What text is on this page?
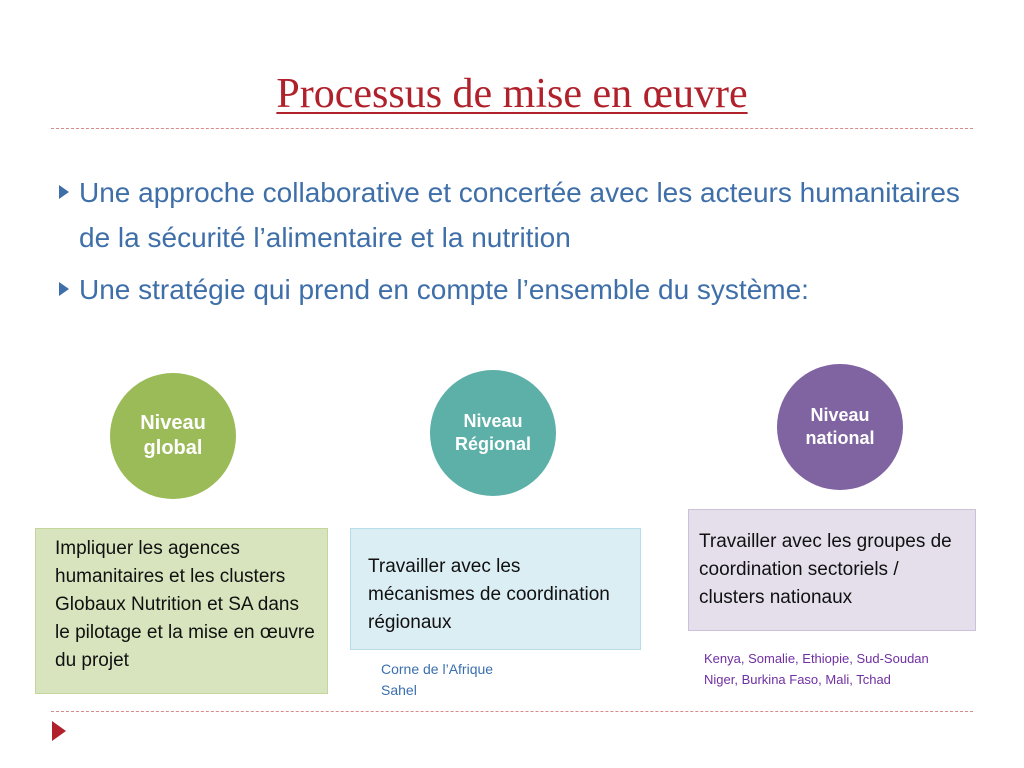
Processus de mise en œuvre
Une approche collaborative et concertée avec les acteurs humanitaires de la sécurité l’alimentaire et la nutrition
Une stratégie qui prend en compte l’ensemble du système:
Niveau
global
Impliquer les agences humanitaires et les clusters Globaux Nutrition et SA dans le pilotage et la mise en œuvre du projet
Niveau
Régional
Travailler avec les mécanismes de coordination régionaux
Corne de l’Afrique
Sahel
Niveau
national
Travailler avec les groupes de coordination sectoriels / clusters nationaux
Kenya, Somalie, Ethiopie, Sud-Soudan
Niger, Burkina Faso, Mali, Tchad
